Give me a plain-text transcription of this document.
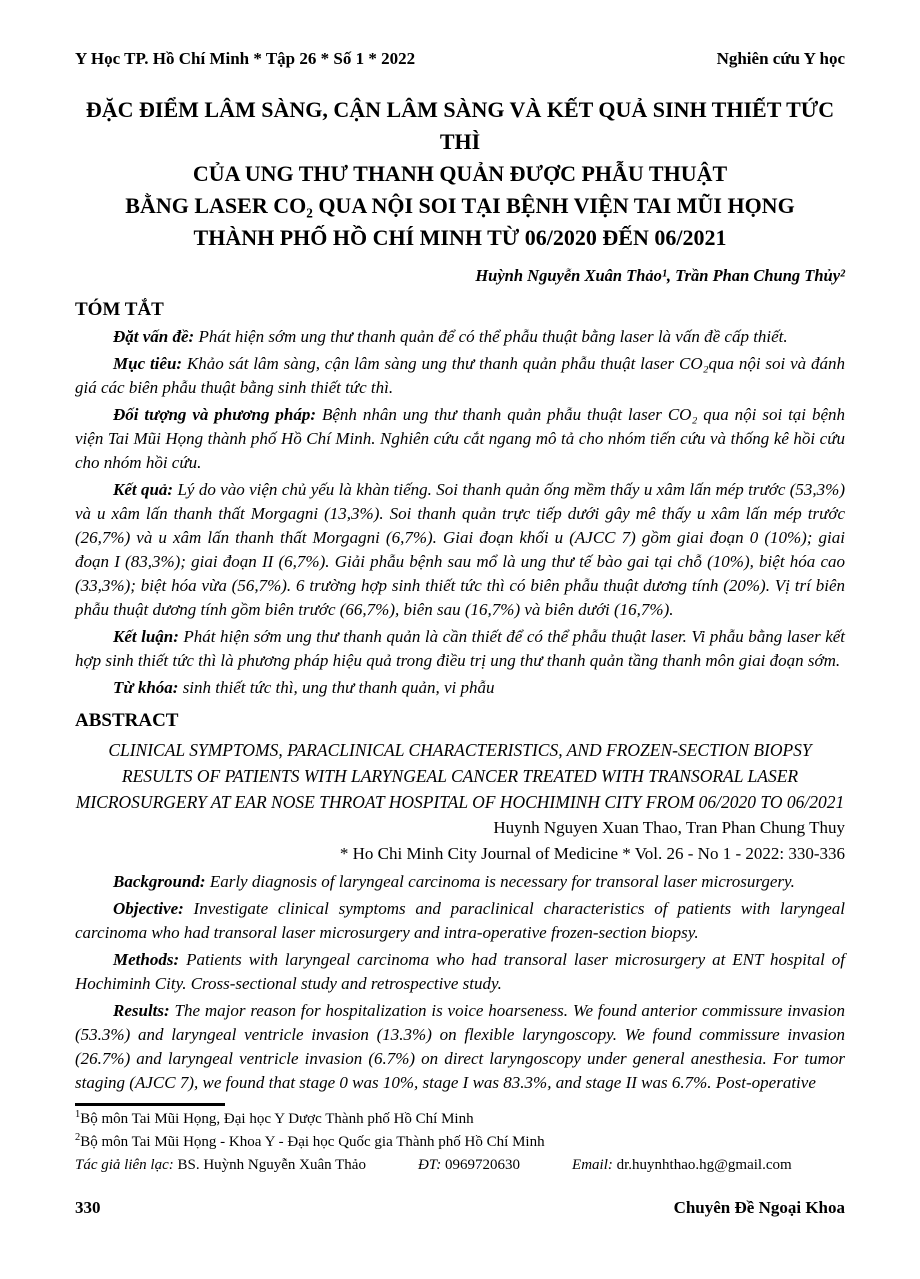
Y Học TP. Hồ Chí Minh * Tập 26 * Số 1 * 2022	Nghiên cứu Y học
ĐẶC ĐIỂM LÂM SÀNG, CẬN LÂM SÀNG VÀ KẾT QUẢ SINH THIẾT TỨC THÌ
CỦA UNG THƯ THANH QUẢN ĐƯỢC PHẪU THUẬT
BẰNG LASER CO₂ QUA NỘI SOI TẠI BỆNH VIỆN TAI MŨI HỌNG
THÀNH PHỐ HỒ CHÍ MINH TỪ 06/2020 ĐẾN 06/2021
Huỳnh Nguyễn Xuân Thảo¹, Trần Phan Chung Thủy²
TÓM TẮT

Đặt vấn đề: Phát hiện sớm ung thư thanh quản để có thể phẫu thuật bằng laser là vấn đề cấp thiết.

Mục tiêu: Khảo sát lâm sàng, cận lâm sàng ung thư thanh quản phẫu thuật laser CO₂qua nội soi và đánh giá các biên phẫu thuật bằng sinh thiết tức thì.

Đối tượng và phương pháp: Bệnh nhân ung thư thanh quản phẫu thuật laser CO₂ qua nội soi tại bệnh viện Tai Mũi Họng thành phố Hồ Chí Minh. Nghiên cứu cắt ngang mô tả cho nhóm tiến cứu và thống kê hồi cứu cho nhóm hồi cứu.

Kết quả: Lý do vào viện chủ yếu là khàn tiếng. Soi thanh quản ống mềm thấy u xâm lấn mép trước (53,3%) và u xâm lấn thanh thất Morgagni (13,3%). Soi thanh quản trực tiếp dưới gây mê thấy u xâm lấn mép trước (26,7%) và u xâm lấn thanh thất Morgagni (6,7%). Giai đoạn khối u (AJCC 7) gồm giai đoạn 0 (10%); giai đoạn I (83,3%); giai đoạn II (6,7%). Giải phẫu bệnh sau mổ là ung thư tế bào gai tại chỗ (10%), biệt hóa cao (33,3%); biệt hóa vừa (56,7%). 6 trường hợp sinh thiết tức thì có biên phẫu thuật dương tính (20%). Vị trí biên phẫu thuật dương tính gồm biên trước (66,7%), biên sau (16,7%) và biên dưới (16,7%).

Kết luận: Phát hiện sớm ung thư thanh quản là cần thiết để có thể phẫu thuật laser. Vi phẫu bằng laser kết hợp sinh thiết tức thì là phương pháp hiệu quả trong điều trị ung thư thanh quản tầng thanh môn giai đoạn sớm.

Từ khóa: sinh thiết tức thì, ung thư thanh quản, vi phẫu

ABSTRACT
CLINICAL SYMPTOMS, PARACLINICAL CHARACTERISTICS, AND FROZEN-SECTION BIOPSY
RESULTS OF PATIENTS WITH LARYNGEAL CANCER TREATED WITH TRANSORAL LASER
MICROSURGERY AT EAR NOSE THROAT HOSPITAL OF HOCHIMINH CITY FROM 06/2020 TO 06/2021
Huynh Nguyen Xuan Thao, Tran Phan Chung Thuy
* Ho Chi Minh City Journal of Medicine * Vol. 26 - No 1 - 2022: 330-336

Background: Early diagnosis of laryngeal carcinoma is necessary for transoral laser microsurgery.

Objective: Investigate clinical symptoms and paraclinical characteristics of patients with laryngeal carcinoma who had transoral laser microsurgery and intra-operative frozen-section biopsy.

Methods: Patients with laryngeal carcinoma who had transoral laser microsurgery at ENT hospital of Hochiminh City. Cross-sectional study and retrospective study.

Results: The major reason for hospitalization is voice hoarseness. We found anterior commissure invasion (53.3%) and laryngeal ventricle invasion (13.3%) on flexible laryngoscopy. We found commissure invasion (26.7%) and laryngeal ventricle invasion (6.7%) on direct laryngoscopy under general anesthesia. For tumor staging (AJCC 7), we found that stage 0 was 10%, stage I was 83.3%, and stage II was 6.7%. Post-operative

$^1$Bộ môn Tai Mũi Họng, Đại học Y Dược Thành phố Hồ Chí Minh
$^2$Bộ môn Tai Mũi Họng - Khoa Y - Đại học Quốc gia Thành phố Hồ Chí Minh
Tác giả liên lạc: BS. Huỳnh Nguyễn Xuân Thảo	ĐT: 0969720630	Email: dr.huynhthao.hg@gmail.com
330	Chuyên Đề Ngoại Khoa
